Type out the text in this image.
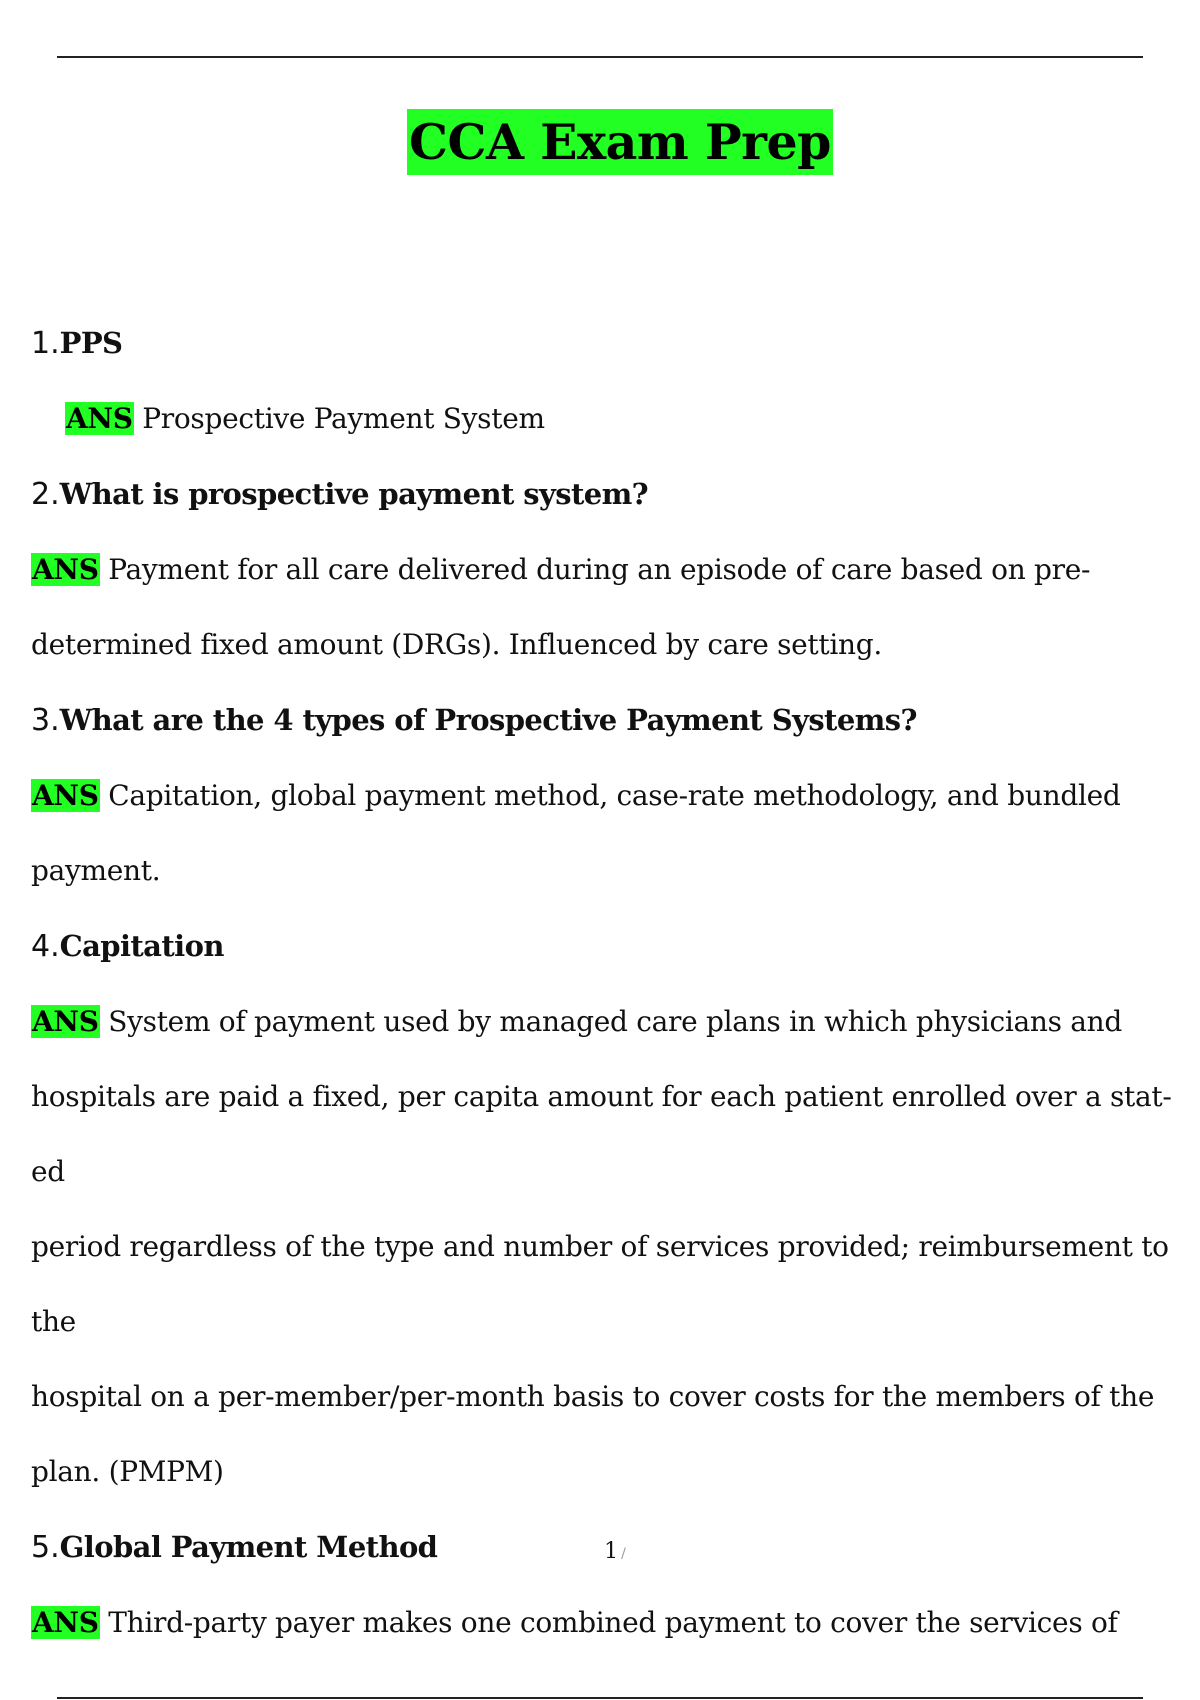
CCA Exam Prep
1.PPS
ANS Prospective Payment System
2.What is prospective payment system?
ANS Payment for all care delivered during an episode of care based on pre-
determined fixed amount (DRGs). Influenced by care setting.
3.What are the 4 types of Prospective Payment Systems?
ANS Capitation, global payment method, case-rate methodology, and bundled
payment.
4.Capitation
ANS System of payment used by managed care plans in which physicians and
hospitals are paid a fixed, per capita amount for each patient enrolled over a stat- ed
period regardless of the type and number of services provided; reimbursement to the
hospital on a per-member/per-month basis to cover costs for the members of the
plan. (PMPM)
5.Global Payment Method
ANS Third-party payer makes one combined payment to cover the services of
1 /
